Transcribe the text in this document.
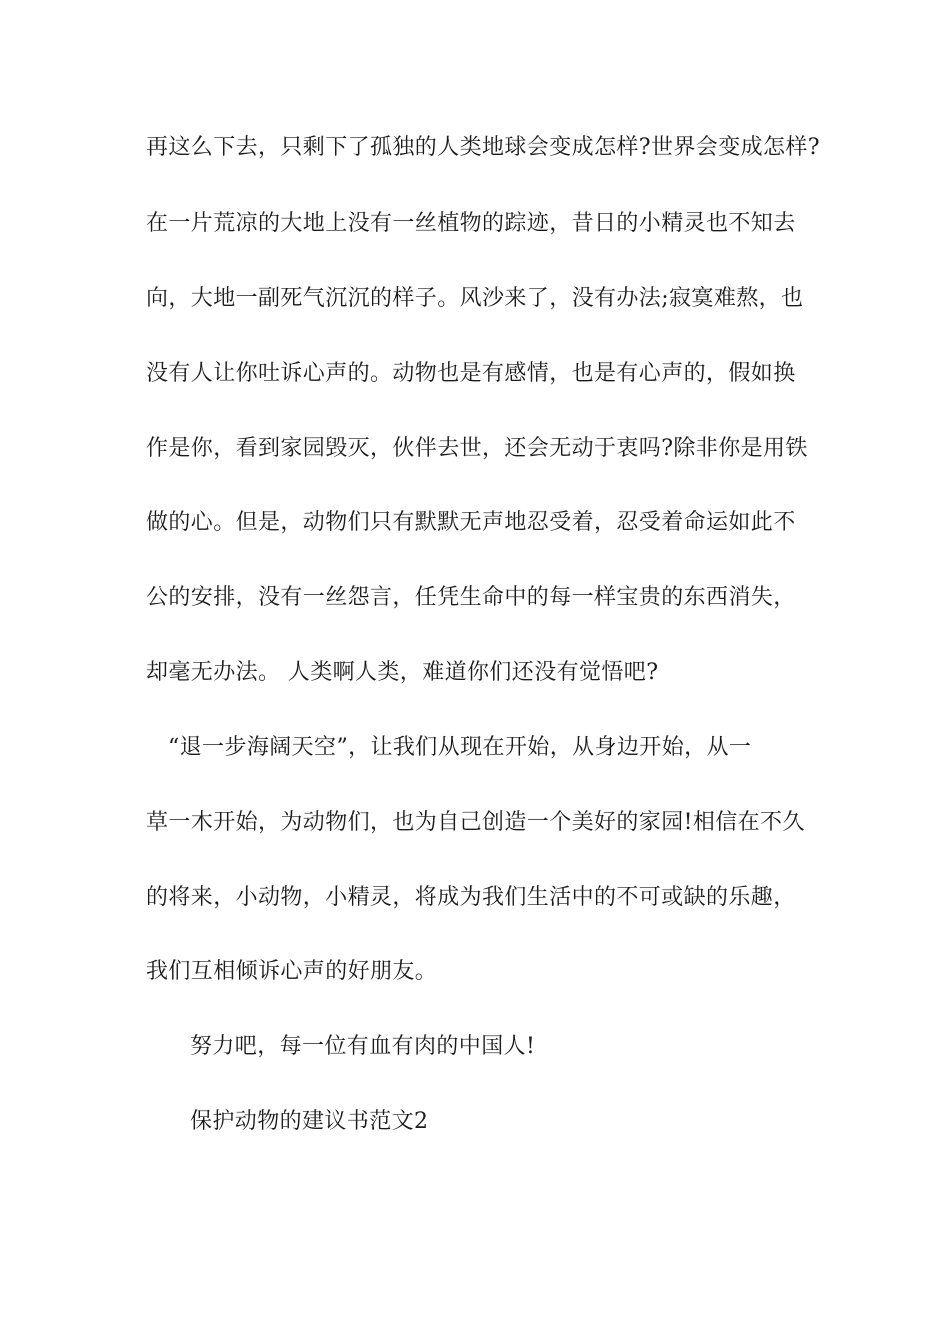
再这么下去，只剩下了孤独的人类地球会变成怎样?世界会变成怎样?
在一片荒凉的大地上没有一丝植物的踪迹，昔日的小精灵也不知去
向，大地一副死气沉沉的样子。风沙来了，没有办法;寂寞难熬，也
没有人让你吐诉心声的。动物也是有感情，也是有心声的，假如换
作是你，看到家园毁灭，伙伴去世，还会无动于衷吗?除非你是用铁
做的心。但是，动物们只有默默无声地忍受着，忍受着命运如此不
公的安排，没有一丝怨言，任凭生命中的每一样宝贵的东西消失，
却毫无办法。 人类啊人类，难道你们还没有觉悟吧?
“退一步海阔天空”，让我们从现在开始，从身边开始，从一
草一木开始，为动物们，也为自己创造一个美好的家园!相信在不久
的将来，小动物，小精灵，将成为我们生活中的不可或缺的乐趣，
我们互相倾诉心声的好朋友。
努力吧，每一位有血有肉的中国人!
保护动物的建议书范文2
